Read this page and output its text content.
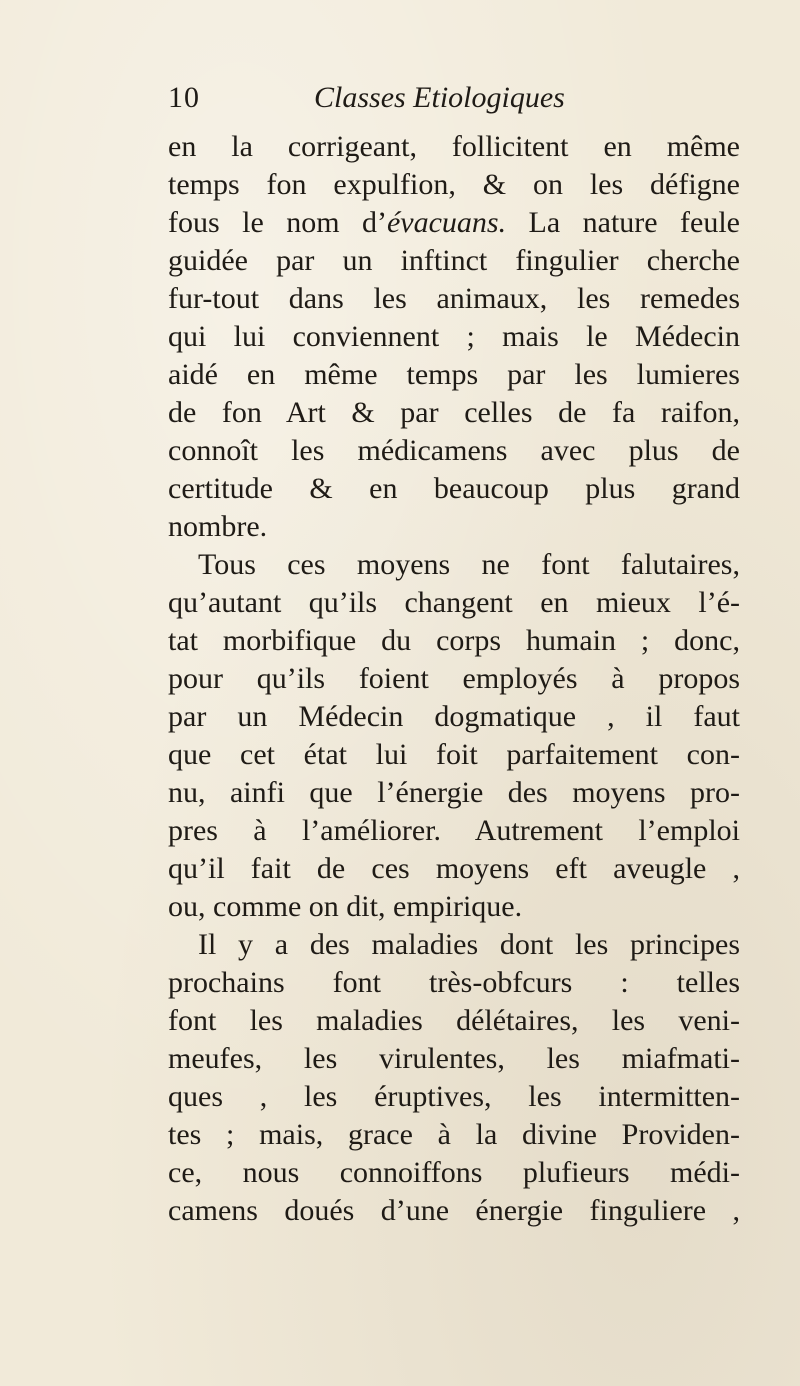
10	Classes Etiologiques
en la corrigeant, follicitent en même
temps fon expulfion, & on les défigne
fous le nom d’évacuans. La nature feule
guidée par un inftinct fingulier cherche
fur-tout dans les animaux, les remedes
qui lui conviennent ; mais le Médecin
aidé en même temps par les lumieres
de fon Art & par celles de fa raifon,
connoît les médicamens avec plus de
certitude & en beaucoup plus grand
nombre.
Tous ces moyens ne font falutaires,
qu’autant qu’ils changent en mieux l’é-
tat morbifique du corps humain ; donc,
pour qu’ils foient employés à propos
par un Médecin dogmatique , il faut
que cet état lui foit parfaitement con-
nu, ainfi que l’énergie des moyens pro-
pres à l’améliorer. Autrement l’emploi
qu’il fait de ces moyens eft aveugle ,
ou, comme on dit, empirique.
Il y a des maladies dont les principes
prochains font très-obfcurs : telles
font les maladies délétaires, les veni-
meufes, les virulentes, les miafmati-
ques , les éruptives, les intermitten-
tes ; mais, grace à la divine Providen-
ce, nous connoiffons plufieurs médi-
camens doués d’une énergie finguliere ,
